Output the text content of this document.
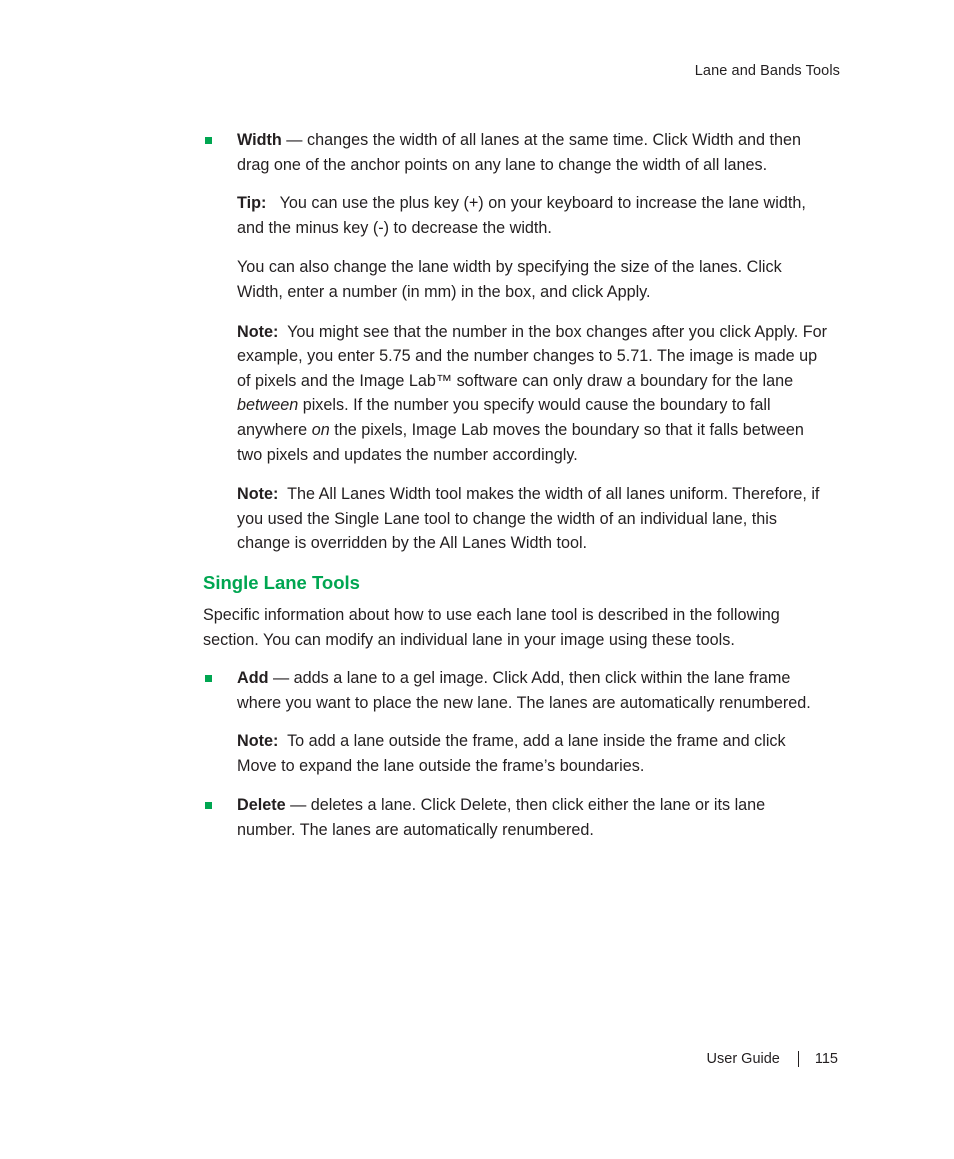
Lane and Bands Tools

Width — changes the width of all lanes at the same time. Click Width and then drag one of the anchor points on any lane to change the width of all lanes.

Tip: You can use the plus key (+) on your keyboard to increase the lane width, and the minus key (-) to decrease the width.

You can also change the lane width by specifying the size of the lanes. Click Width, enter a number (in mm) in the box, and click Apply.

Note: You might see that the number in the box changes after you click Apply. For example, you enter 5.75 and the number changes to 5.71. The image is made up of pixels and the Image Lab™ software can only draw a boundary for the lane between pixels. If the number you specify would cause the boundary to fall anywhere on the pixels, Image Lab moves the boundary so that it falls between two pixels and updates the number accordingly.

Note: The All Lanes Width tool makes the width of all lanes uniform. Therefore, if you used the Single Lane tool to change the width of an individual lane, this change is overridden by the All Lanes Width tool.

Single Lane Tools

Specific information about how to use each lane tool is described in the following section. You can modify an individual lane in your image using these tools.

Add — adds a lane to a gel image. Click Add, then click within the lane frame where you want to place the new lane. The lanes are automatically renumbered.

Note: To add a lane outside the frame, add a lane inside the frame and click Move to expand the lane outside the frame’s boundaries.

Delete — deletes a lane. Click Delete, then click either the lane or its lane number. The lanes are automatically renumbered.

User Guide 115
